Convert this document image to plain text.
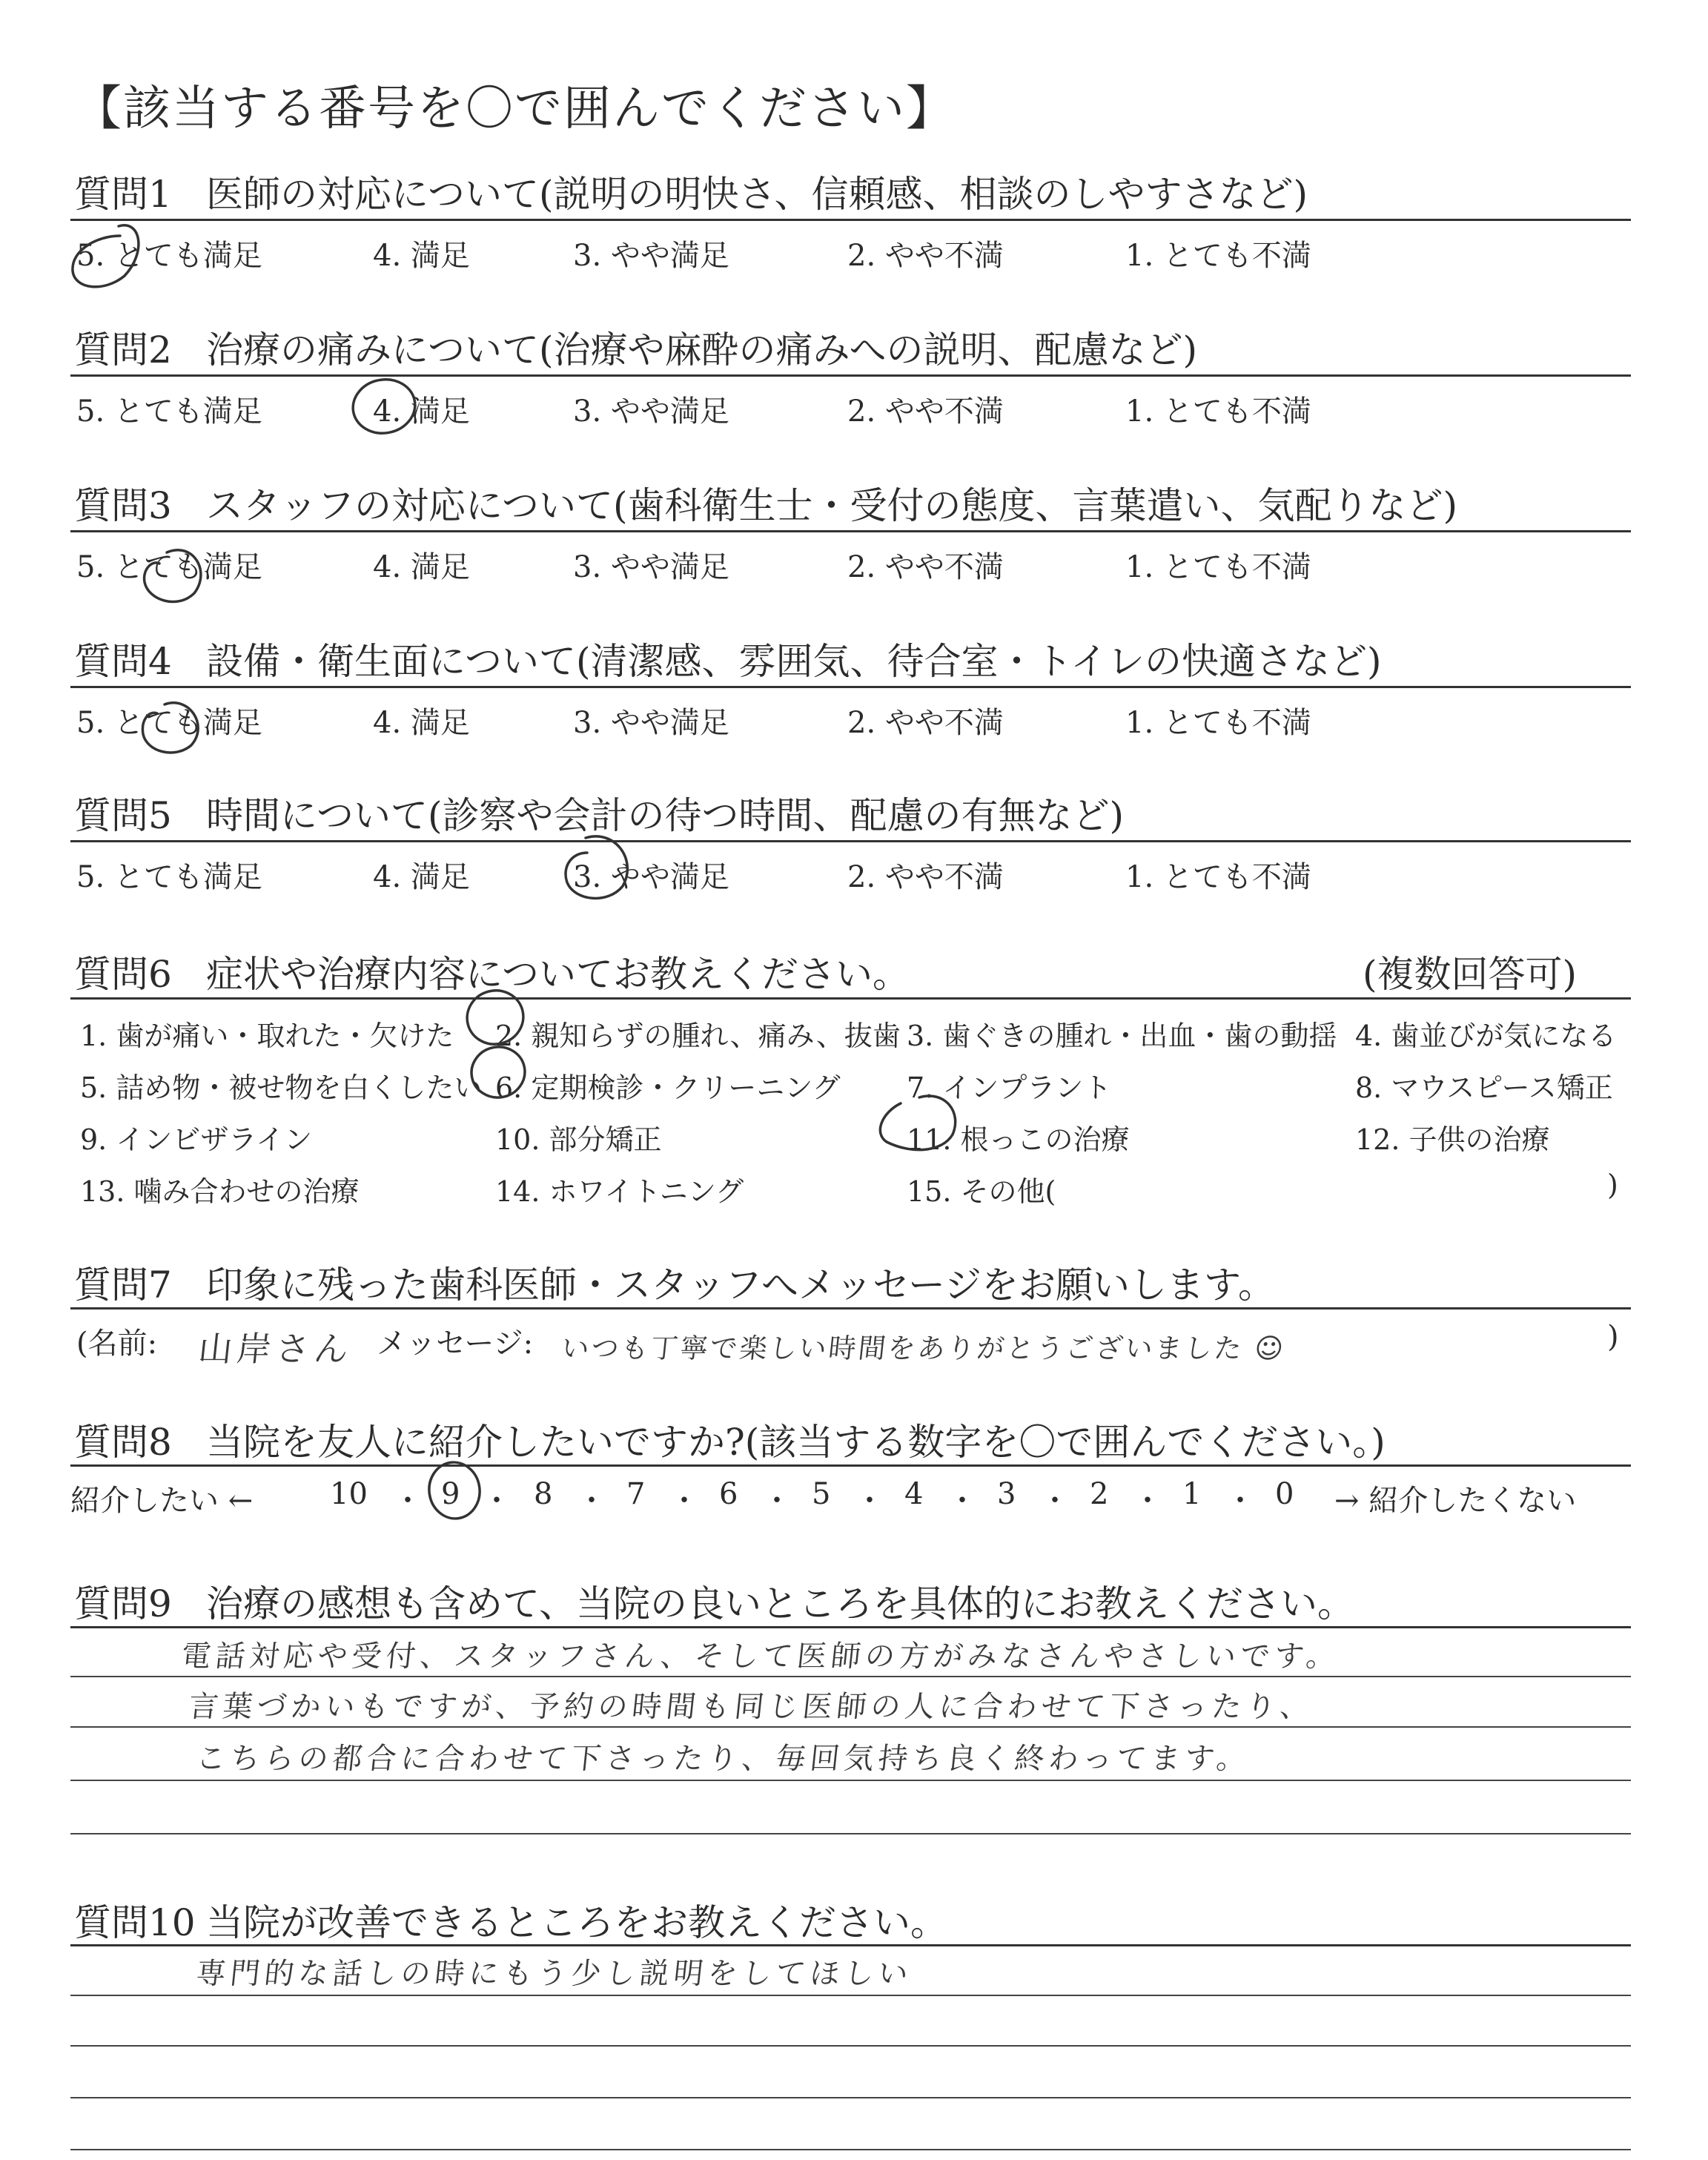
【該当する番号を〇で囲んでください】
質問1 医師の対応について(説明の明快さ、信頼感、相談のしやすさなど)
5. とても満足	4. 満足	3. やや満足	2. やや不満	1. とても不満
質問2 治療の痛みについて(治療や麻酔の痛みへの説明、配慮など)
5. とても満足	4. 満足	3. やや満足	2. やや不満	1. とても不満
質問3 スタッフの対応について(歯科衛生士・受付の態度、言葉遣い、気配りなど)
5. とても満足	4. 満足	3. やや満足	2. やや不満	1. とても不満
質問4 設備・衛生面について(清潔感、雰囲気、待合室・トイレの快適さなど)
5. とても満足	4. 満足	3. やや満足	2. やや不満	1. とても不満
質問5 時間について(診察や会計の待つ時間、配慮の有無など)
5. とても満足	4. 満足	3. やや満足	2. やや不満	1. とても不満
質問6 症状や治療内容についてお教えください。	(複数回答可)
1. 歯が痛い・取れた・欠けた 2. 親知らずの腫れ、痛み、抜歯 3. 歯ぐきの腫れ・出血・歯の動揺 4. 歯並びが気になる
5. 詰め物・被せ物を白くしたい 6. 定期検診・クリーニング 7. インプラント	8. マウスピース矯正
9. インビザライン	10. 部分矯正	11. 根っこの治療	12. 子供の治療
13. 噛み合わせの治療	14. ホワイトニング	15. その他(	)
質問7 印象に残った歯科医師・スタッフへメッセージをお願いします。
(名前: 山岸さん メッセージ: いつも丁寧で楽しい時間をありがとうございました ☺	)
質問8 当院を友人に紹介したいですか?(該当する数字を〇で囲んでください。)
紹介したい ←	10 ・ 9 ・ 8 ・ 7 ・ 6 ・ 5 ・ 4 ・ 3 ・ 2 ・ 1 ・ 0 → 紹介したくない
質問9 治療の感想も含めて、当院の良いところを具体的にお教えください。
電話対応や受付、スタッフさん、そして医師の方がみなさんやさしいです。
言葉づかいもですが、予約の時間も同じ医師の人に合わせて下さったり、
こちらの都合に合わせて下さったり、毎回気持ち良く終わってます。
質問10 当院が改善できるところをお教えください。
専門的な話しの時にもう少し説明をしてほしい
